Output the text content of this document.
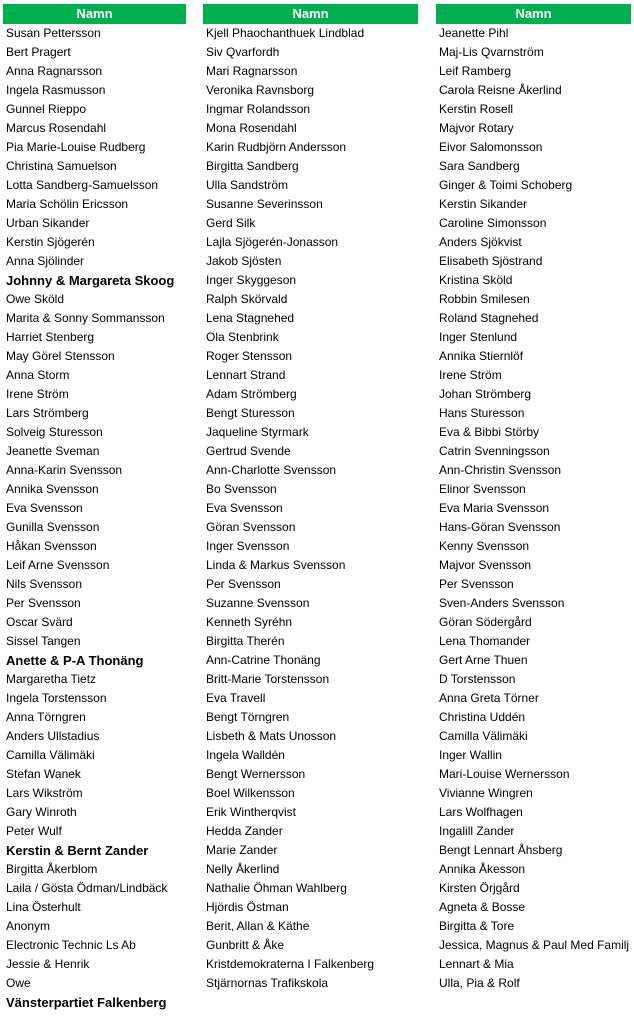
Namn
Susan Pettersson
Bert Pragert
Anna Ragnarsson
Ingela Rasmusson
Gunnel Rieppo
Marcus Rosendahl
Pia Marie-Louise Rudberg
Christina Samuelson
Lotta Sandberg-Samuelsson
Maria Schölin Ericsson
Urban Sikander
Kerstin Sjögerén
Anna Sjölinder
Johnny & Margareta Skoog
Owe Sköld
Marita & Sonny Sommansson
Harriet Stenberg
May Görel Stensson
Anna Storm
Irene Ström
Lars Strömberg
Solveig Sturesson
Jeanette Sveman
Anna-Karin Svensson
Annika Svensson
Eva Svensson
Gunilla Svensson
Håkan Svensson
Leif Arne Svensson
Nils Svensson
Per Svensson
Oscar Svärd
Sissel Tangen
Anette & P-A Thonäng
Margaretha Tietz
Ingela Torstensson
Anna Törngren
Anders Ullstadius
Camilla Välimäki
Stefan Wanek
Lars Wikström
Gary Winroth
Peter Wulf
Kerstin & Bernt Zander
Birgitta Åkerblom
Laila / Gösta Ödman/Lindbäck
Lina Österhult
Anonym
Electronic Technic Ls Ab
Jessie & Henrik
Owe
Vänsterpartiet Falkenberg
Namn
Kjell Phaochanthuek Lindblad
Siv Qvarfordh
Mari Ragnarsson
Veronika Ravnsborg
Ingmar Rolandsson
Mona Rosendahl
Karin Rudbjörn Andersson
Birgitta Sandberg
Ulla Sandström
Susanne Severinsson
Gerd Silk
Lajla Sjögerén-Jonasson
Jakob Sjösten
Inger Skyggeson
Ralph Skörvald
Lena Stagnehed
Ola Stenbrink
Roger Stensson
Lennart Strand
Adam Strömberg
Bengt Sturesson
Jaqueline Styrmark
Gertrud Svende
Ann-Charlotte Svensson
Bo Svensson
Eva Svensson
Göran Svensson
Inger Svensson
Linda & Markus Svensson
Per Svensson
Suzanne Svensson
Kenneth Syréhn
Birgitta Therén
Ann-Catrine Thonäng
Britt-Marie Torstensson
Eva Travell
Bengt Törngren
Lisbeth & Mats Unosson
Ingela Walldén
Bengt Wernersson
Boel Wilkensson
Erik Wintherqvist
Hedda Zander
Marie Zander
Nelly Åkerlind
Nathalie Öhman Wahlberg
Hjördis Östman
Berit, Allan & Käthe
Gunbritt & Åke
Kristdemokraterna I Falkenberg
Stjärnornas Trafikskola
Namn
Jeanette Pihl
Maj-Lis Qvarnström
Leif Ramberg
Carola Reisne Åkerlind
Kerstin Rosell
Majvor Rotary
Eivor Salomonsson
Sara Sandberg
Ginger & Toimi Schoberg
Kerstin Sikander
Caroline Simonsson
Anders Sjökvist
Elisabeth Sjöstrand
Kristina Sköld
Robbin Smilesen
Roland Stagnehed
Inger Stenlund
Annika Stiernlöf
Irene Ström
Johan Strömberg
Hans Sturesson
Eva & Bibbi Störby
Catrin Svenningsson
Ann-Christin Svensson
Elinor Svensson
Eva Maria Svensson
Hans-Göran Svensson
Kenny Svensson
Majvor Svensson
Per Svensson
Sven-Anders Svensson
Göran Södergård
Lena Thomander
Gert Arne Thuen
D Torstensson
Anna Greta Törner
Christina Uddén
Camilla Välimäki
Inger Wallin
Mari-Louise Wernersson
Vivianne Wingren
Lars Wolfhagen
Ingalill Zander
Bengt Lennart Åhsberg
Annika Åkesson
Kirsten Örjgård
Agneta & Bosse
Birgitta & Tore
Jessica, Magnus & Paul Med Familj
Lennart & Mia
Ulla, Pia & Rolf
